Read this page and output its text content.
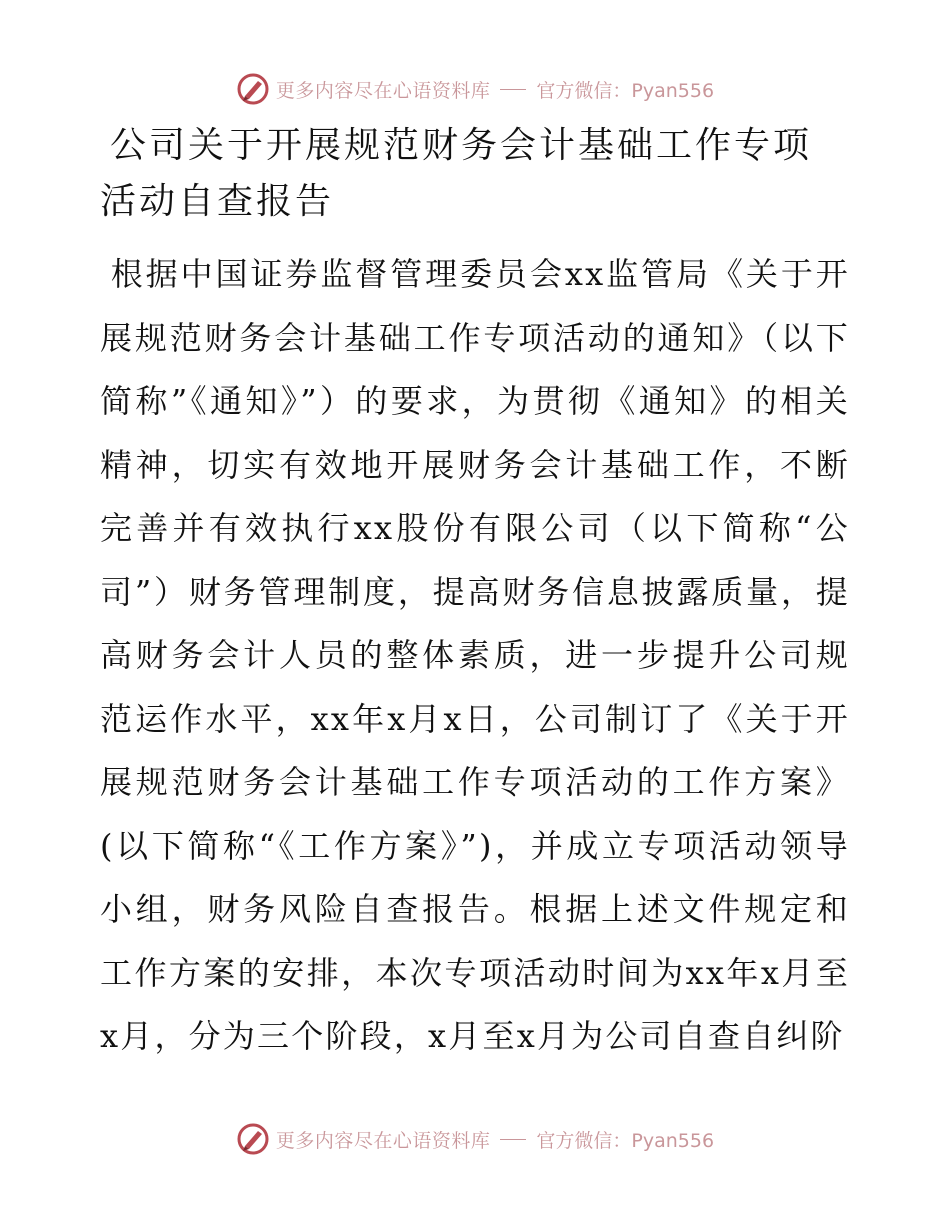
更多内容尽在心语资料库 官方微信：Pyan556
公司关于开展规范财务会计基础工作专项活动自查报告

根据中国证券监督管理委员会xx监管局《关于开展规范财务会计基础工作专项活动的通知》（以下简称”《通知》”）的要求，为贯彻《通知》的相关精神，切实有效地开展财务会计基础工作，不断完善并有效执行xx股份有限公司（以下简称“公司”）财务管理制度，提高财务信息披露质量，提高财务会计人员的整体素质，进一步提升公司规范运作水平，xx年x月x日，公司制订了《关于开展规范财务会计基础工作专项活动的工作方案》(以下简称“《工作方案》”)，并成立专项活动领导小组，财务风险自查报告。根据上述文件规定和工作方案的安排，本次专项活动时间为xx年x月至x月，分为三个阶段，x月至x月为公司自查自纠阶

更多内容尽在心语资料库 官方微信：Pyan556
